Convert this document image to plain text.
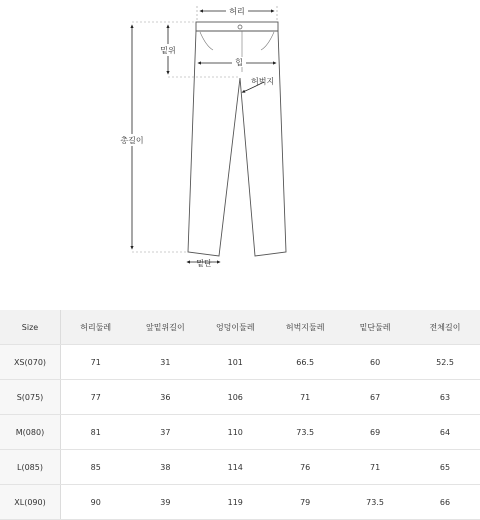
허리
밑위
힙
허벅지
총길이
밑단
Size	허리둘레	앞밑위길이	엉덩이둘레	허벅지둘레	밑단둘레	전체길이
XS(070)	71	31	101	66.5	60	52.5
S(075)	77	36	106	71	67	63
M(080)	81	37	110	73.5	69	64
L(085)	85	38	114	76	71	65
XL(090)	90	39	119	79	73.5	66
